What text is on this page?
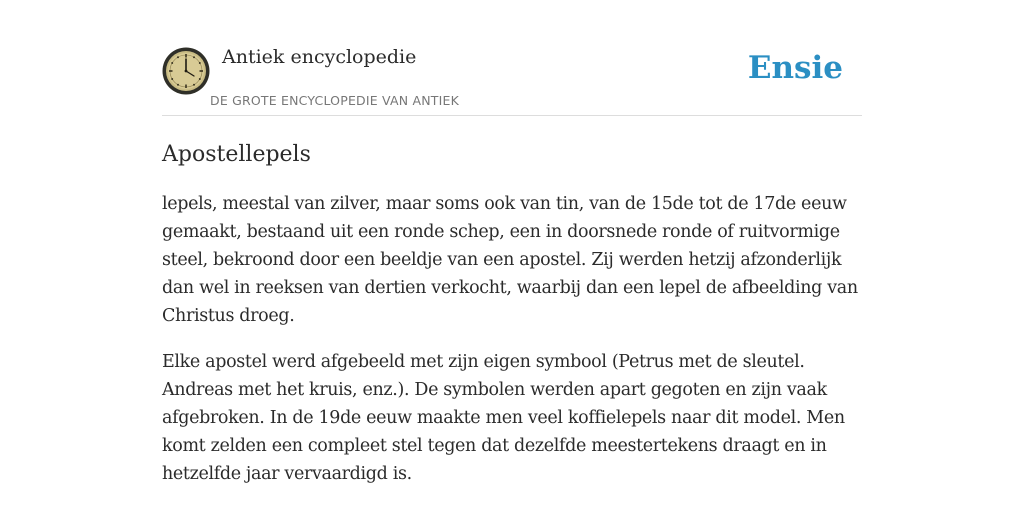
Antiek encyclopedie
DE GROTE ENCYCLOPEDIE VAN ANTIEK
Ensie
Apostellepels

lepels, meestal van zilver, maar soms ook van tin, van de 15de tot de 17de eeuw gemaakt, bestaand uit een ronde schep, een in doorsnede ronde of ruitvormige steel, bekroond door een beeldje van een apostel. Zij werden hetzij afzonderlijk dan wel in reeksen van dertien verkocht, waarbij dan een lepel de afbeelding van Christus droeg.

Elke apostel werd afgebeeld met zijn eigen symbool (Petrus met de sleutel. Andreas met het kruis, enz.). De symbolen werden apart gegoten en zijn vaak afgebroken. In de 19de eeuw maakte men veel koffielepels naar dit model. Men komt zelden een compleet stel tegen dat dezelfde meestertekens draagt en in hetzelfde jaar vervaardigd is.
